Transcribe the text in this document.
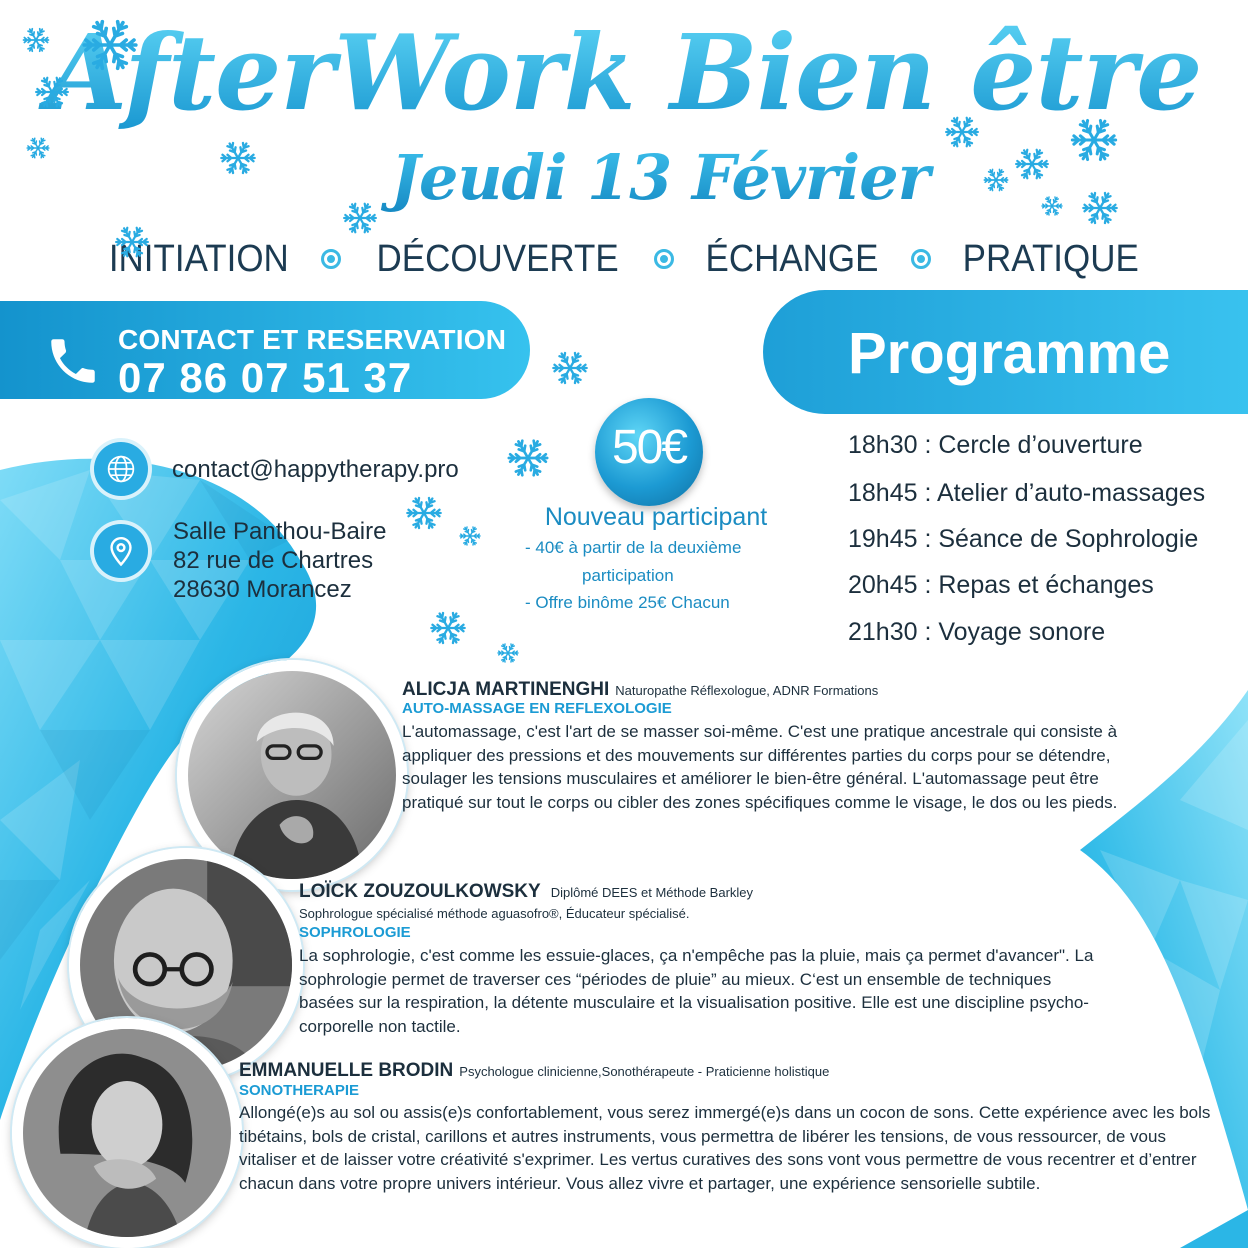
AfterWork Bien être
Jeudi 13 Février
INITIATION DÉCOUVERTE ÉCHANGE PRATIQUE
CONTACT ET RESERVATION
07 86 07 51 37	Programme
contact@happytherapy.pro
Salle Panthou-Baire
82 rue de Chartres
28630 Morancez
50€
Nouveau participant
- 40€ à partir de la deuxième
participation
- Offre binôme 25€ Chacun
18h30 : Cercle d’ouverture
18h45 : Atelier d’auto-massages
19h45 : Séance de Sophrologie
20h45 : Repas et échanges
21h30 : Voyage sonore
ALICJA MARTINENGHI Naturopathe Réflexologue, ADNR Formations
AUTO-MASSAGE EN REFLEXOLOGIE
L'automassage, c'est l'art de se masser soi-même. C'est une pratique ancestrale qui consiste à appliquer des pressions et des mouvements sur différentes parties du corps pour se détendre, soulager les tensions musculaires et améliorer le bien-être général. L'automassage peut être pratiqué sur tout le corps ou cibler des zones spécifiques comme le visage, le dos ou les pieds.
LOÏCK ZOUZOULKOWSKY Diplômé DEES et Méthode Barkley
Sophrologue spécialisé méthode aguasofro®, Éducateur spécialisé.
SOPHROLOGIE
La sophrologie, c'est comme les essuie-glaces, ça n'empêche pas la pluie, mais ça permet d'avancer". La sophrologie permet de traverser ces “périodes de pluie” au mieux. C‘est un ensemble de techniques basées sur la respiration, la détente musculaire et la visualisation positive. Elle est une discipline psycho-corporelle non tactile.
EMMANUELLE BRODIN Psychologue clinicienne,Sonothérapeute - Praticienne holistique
SONOTHERAPIE
Allongé(e)s au sol ou assis(e)s confortablement, vous serez immergé(e)s dans un cocon de sons. Cette expérience avec les bols tibétains, bols de cristal, carillons et autres instruments, vous permettra de libérer les tensions, de vous ressourcer, de vous vitaliser et de laisser votre créativité s'exprimer. Les vertus curatives des sons vont vous permettre de vous recentrer et d’entrer chacun dans votre propre univers intérieur. Vous allez vivre et partager, une expérience sensorielle subtile.
